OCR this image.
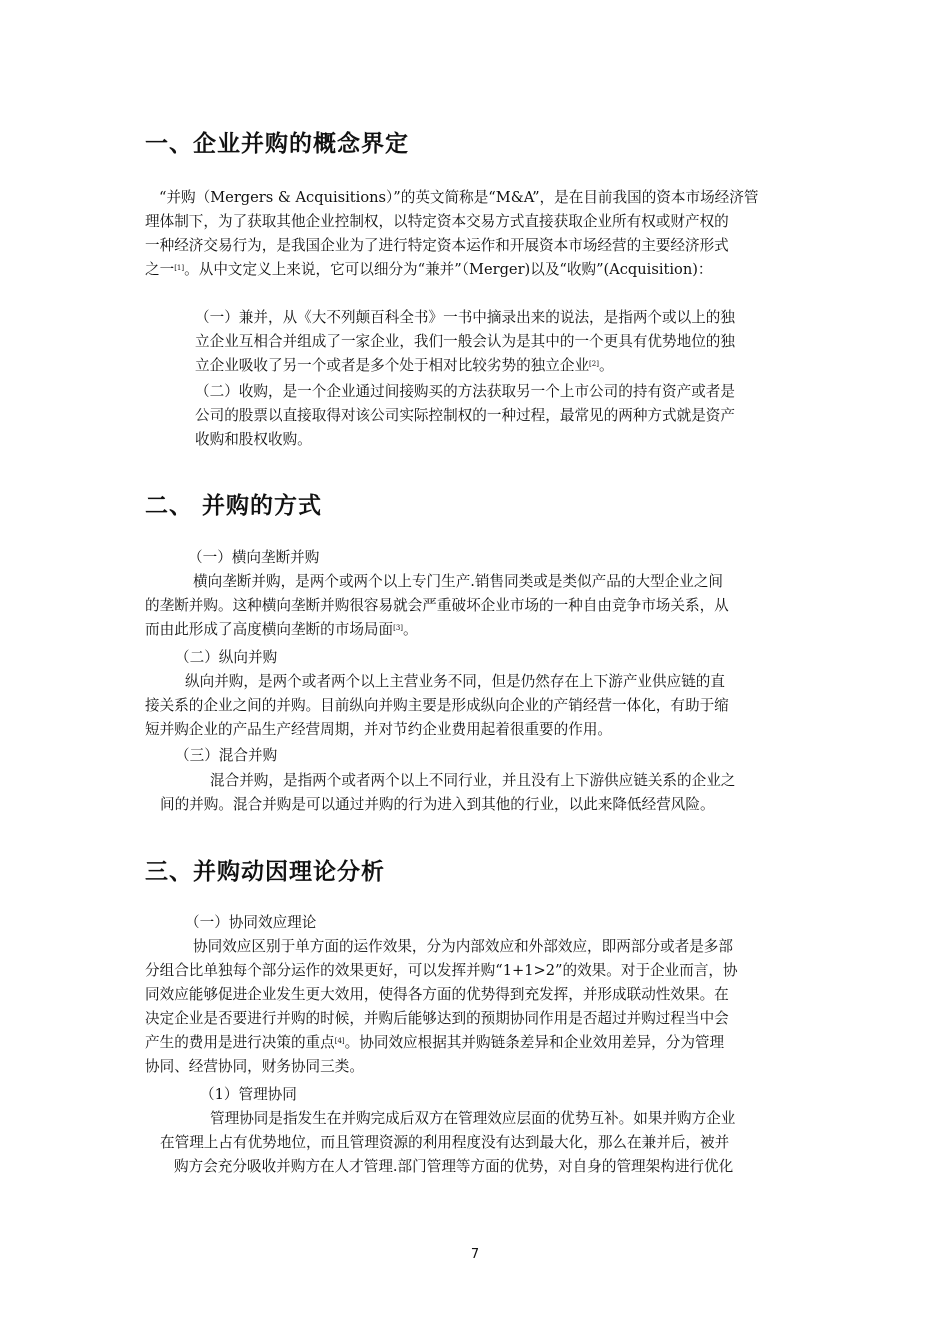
一、企业并购的概念界定

“并购（Mergers & Acquisitions）”的英文简称是“M&A”，是在目前我国的资本市场经济管
理体制下，为了获取其他企业控制权，以特定资本交易方式直接获取企业所有权或财产权的
一种经济交易行为，是我国企业为了进行特定资本运作和开展资本市场经营的主要经济形式
之一[1]。从中文定义上来说，它可以细分为“兼并”（Merger)以及“收购”(Acquisition)：

（一）兼并，从《大不列颠百科全书》一书中摘录出来的说法，是指两个或以上的独
立企业互相合并组成了一家企业，我们一般会认为是其中的一个更具有优势地位的独
立企业吸收了另一个或者是多个处于相对比较劣势的独立企业[2]。

（二）收购，是一个企业通过间接购买的方法获取另一个上市公司的持有资产或者是
公司的股票以直接取得对该公司实际控制权的一种过程，最常见的两种方式就是资产
收购和股权收购。

二、 并购的方式

（一）横向垄断并购

横向垄断并购，是两个或两个以上专门生产.销售同类或是类似产品的大型企业之间
的垄断并购。这种横向垄断并购很容易就会严重破坏企业市场的一种自由竞争市场关系，从
而由此形成了高度横向垄断的市场局面[3]。

（二）纵向并购

纵向并购，是两个或者两个以上主营业务不同，但是仍然存在上下游产业供应链的直
接关系的企业之间的并购。目前纵向并购主要是形成纵向企业的产销经营一体化，有助于缩
短并购企业的产品生产经营周期，并对节约企业费用起着很重要的作用。

（三）混合并购

混合并购，是指两个或者两个以上不同行业，并且没有上下游供应链关系的企业之
间的并购。混合并购是可以通过并购的行为进入到其他的行业，以此来降低经营风险。

三、并购动因理论分析

（一）协同效应理论

协同效应区别于单方面的运作效果，分为内部效应和外部效应，即两部分或者是多部
分组合比单独每个部分运作的效果更好，可以发挥并购“1+1>2”的效果。对于企业而言，协
同效应能够促进企业发生更大效用，使得各方面的优势得到充发挥，并形成联动性效果。在
决定企业是否要进行并购的时候，并购后能够达到的预期协同作用是否超过并购过程当中会
产生的费用是进行决策的重点[4]。协同效应根据其并购链条差异和企业效用差异，分为管理
协同、经营协同，财务协同三类。

（1）管理协同

管理协同是指发生在并购完成后双方在管理效应层面的优势互补。如果并购方企业
在管理上占有优势地位，而且管理资源的利用程度没有达到最大化，那么在兼并后，被并
购方会充分吸收并购方在人才管理.部门管理等方面的优势，对自身的管理架构进行优化

7
